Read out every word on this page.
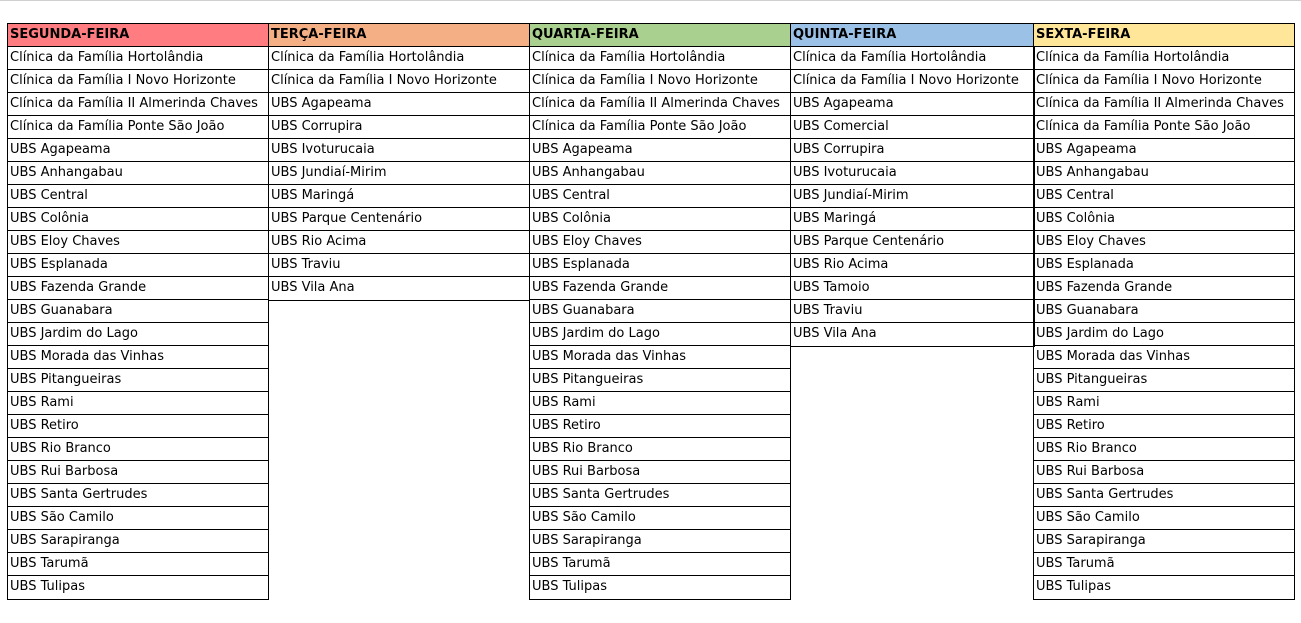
SEGUNDA-FEIRA
Clínica da Família Hortolândia
Clínica da Família I Novo Horizonte
Clínica da Família II Almerinda Chaves
Clínica da Família Ponte São João
UBS Agapeama
UBS Anhangabau
UBS Central
UBS Colônia
UBS Eloy Chaves
UBS Esplanada
UBS Fazenda Grande
UBS Guanabara
UBS Jardim do Lago
UBS Morada das Vinhas
UBS Pitangueiras
UBS Rami
UBS Retiro
UBS Rio Branco
UBS Rui Barbosa
UBS Santa Gertrudes
UBS São Camilo
UBS Sarapiranga
UBS Tarumã
UBS Tulipas
TERÇA-FEIRA
Clínica da Família Hortolândia
Clínica da Família I Novo Horizonte
UBS Agapeama
UBS Corrupira
UBS Ivoturucaia
UBS Jundiaí-Mirim
UBS Maringá
UBS Parque Centenário
UBS Rio Acima
UBS Traviu
UBS Vila Ana
QUARTA-FEIRA
Clínica da Família Hortolândia
Clínica da Família I Novo Horizonte
Clínica da Família II Almerinda Chaves
Clínica da Família Ponte São João
UBS Agapeama
UBS Anhangabau
UBS Central
UBS Colônia
UBS Eloy Chaves
UBS Esplanada
UBS Fazenda Grande
UBS Guanabara
UBS Jardim do Lago
UBS Morada das Vinhas
UBS Pitangueiras
UBS Rami
UBS Retiro
UBS Rio Branco
UBS Rui Barbosa
UBS Santa Gertrudes
UBS São Camilo
UBS Sarapiranga
UBS Tarumã
UBS Tulipas
QUINTA-FEIRA
Clínica da Família Hortolândia
Clínica da Família I Novo Horizonte
UBS Agapeama
UBS Comercial
UBS Corrupira
UBS Ivoturucaia
UBS Jundiaí-Mirim
UBS Maringá
UBS Parque Centenário
UBS Rio Acima
UBS Tamoio
UBS Traviu
UBS Vila Ana
SEXTA-FEIRA
Clínica da Família Hortolândia
Clínica da Família I Novo Horizonte
Clínica da Família II Almerinda Chaves
Clínica da Família Ponte São João
UBS Agapeama
UBS Anhangabau
UBS Central
UBS Colônia
UBS Eloy Chaves
UBS Esplanada
UBS Fazenda Grande
UBS Guanabara
UBS Jardim do Lago
UBS Morada das Vinhas
UBS Pitangueiras
UBS Rami
UBS Retiro
UBS Rio Branco
UBS Rui Barbosa
UBS Santa Gertrudes
UBS São Camilo
UBS Sarapiranga
UBS Tarumã
UBS Tulipas
